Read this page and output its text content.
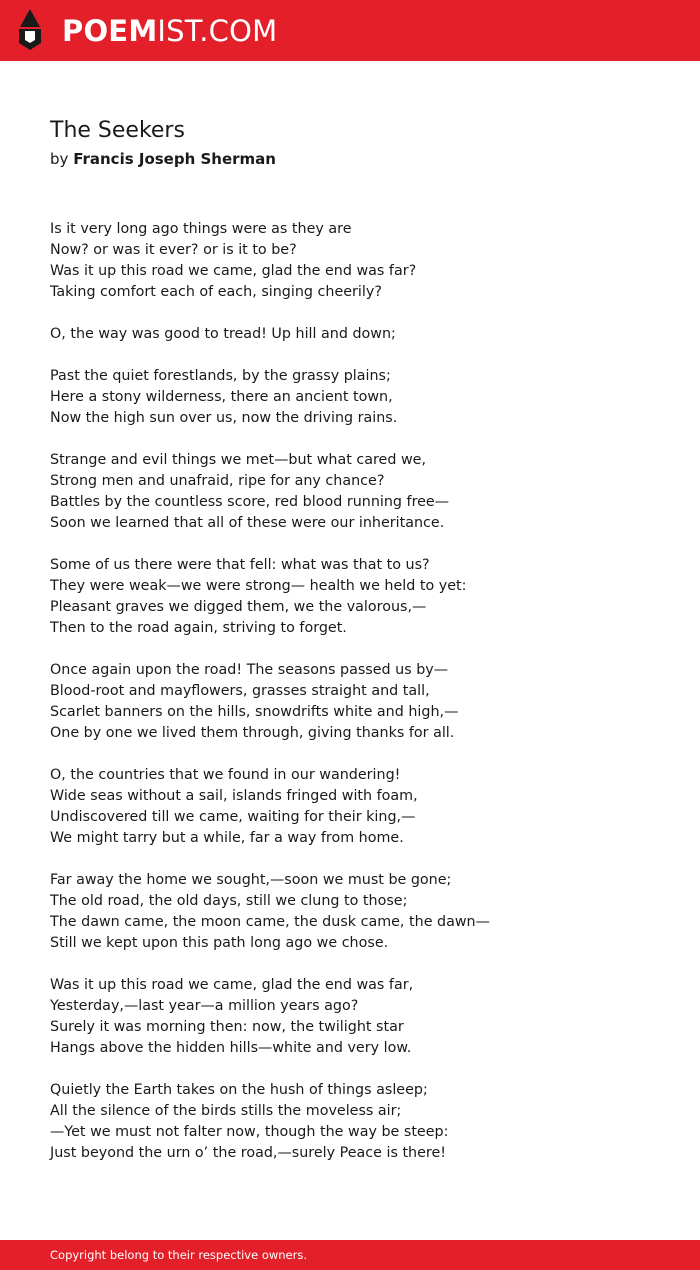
POEMIST.COM
The Seekers
by Francis Joseph Sherman
Is it very long ago things were as they are
Now? or was it ever? or is it to be?
Was it up this road we came, glad the end was far?
Taking comfort each of each, singing cheerily?
O, the way was good to tread! Up hill and down;
Past the quiet forestlands, by the grassy plains;
Here a stony wilderness, there an ancient town,
Now the high sun over us, now the driving rains.
Strange and evil things we met—but what cared we,
Strong men and unafraid, ripe for any chance?
Battles by the countless score, red blood running free—
Soon we learned that all of these were our inheritance.
Some of us there were that fell: what was that to us?
They were weak—we were strong— health we held to yet:
Pleasant graves we digged them, we the valorous,—
Then to the road again, striving to forget.
Once again upon the road! The seasons passed us by—
Blood-root and mayflowers, grasses straight and tall,
Scarlet banners on the hills, snowdrifts white and high,—
One by one we lived them through, giving thanks for all.
O, the countries that we found in our wandering!
Wide seas without a sail, islands fringed with foam,
Undiscovered till we came, waiting for their king,—
We might tarry but a while, far a way from home.
Far away the home we sought,—soon we must be gone;
The old road, the old days, still we clung to those;
The dawn came, the moon came, the dusk came, the dawn—
Still we kept upon this path long ago we chose.
Was it up this road we came, glad the end was far,
Yesterday,—last year—a million years ago?
Surely it was morning then: now, the twilight star
Hangs above the hidden hills—white and very low.
Quietly the Earth takes on the hush of things asleep;
All the silence of the birds stills the moveless air;
—Yet we must not falter now, though the way be steep:
Just beyond the urn o’ the road,—surely Peace is there!
Copyright belong to their respective owners.
